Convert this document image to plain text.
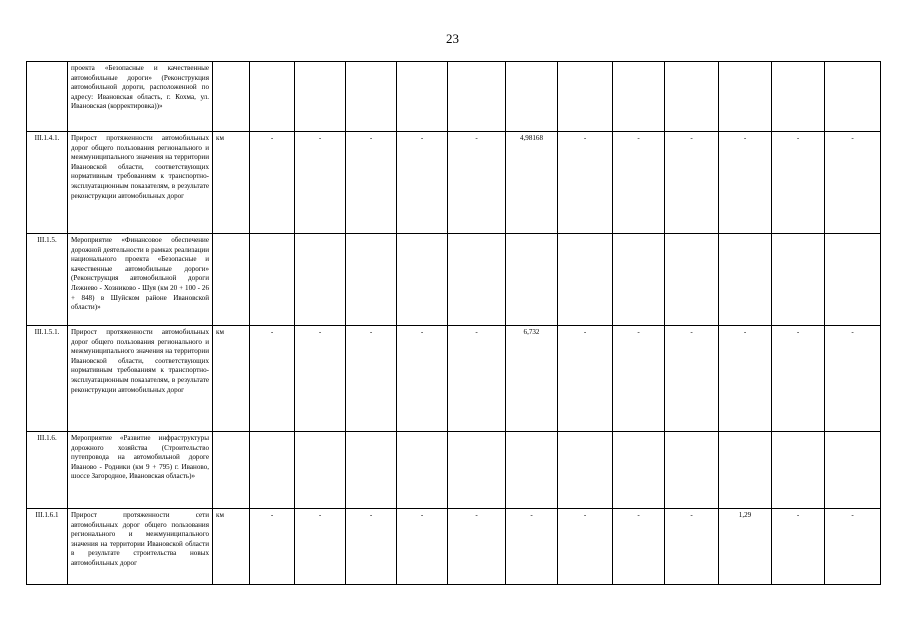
23
	проекта «Безопасные и качественные автомобильные дороги» (Реконструкция автомобильной дороги, расположенной по адресу: Ивановская область, г. Кохма, ул. Ивановская (корректировка))»													
III.1.4.1.	Прирост протяженности автомобильных дорог общего пользования регионального и межмуниципального значения на территории Ивановской области, соответствующих нормативным требованиям к транспортно-эксплуатационным показателям, в результате реконструкции автомобильных дорог	км	-	-	-	-	-	4,98168	-	-	-	-	-	-
III.1.5.	Мероприятие «Финансовое обеспечение дорожной деятельности в рамках реализации национального проекта «Безопасные и качественные автомобильные дороги» (Реконструкция автомобильной дороги Лежнево - Хозниково - Шуя (км 20 + 100 - 26 + 848) в Шуйском районе Ивановской области)»													
III.1.5.1.	Прирост протяженности автомобильных дорог общего пользования регионального и межмуниципального значения на территории Ивановской области, соответствующих нормативным требованиям к транспортно-эксплуатационным показателям, в результате реконструкции автомобильных дорог	км	-	-	-	-	-	6,732	-	-	-	-	-	-
III.1.6.	Мероприятие «Развитие инфраструктуры дорожного хозяйства (Строительство путепровода на автомобильной дороге Иваново - Родники (км 9 + 795) г. Иваново, шоссе Загородное, Ивановская область)»													
III.1.6.1	Прирост протяженности сети автомобильных дорог общего пользования регионального и межмуниципального значения на территории Ивановской области в результате строительства новых автомобильных дорог	км	-	-	-	-	-	-	-	-	-	1,29	-	-
